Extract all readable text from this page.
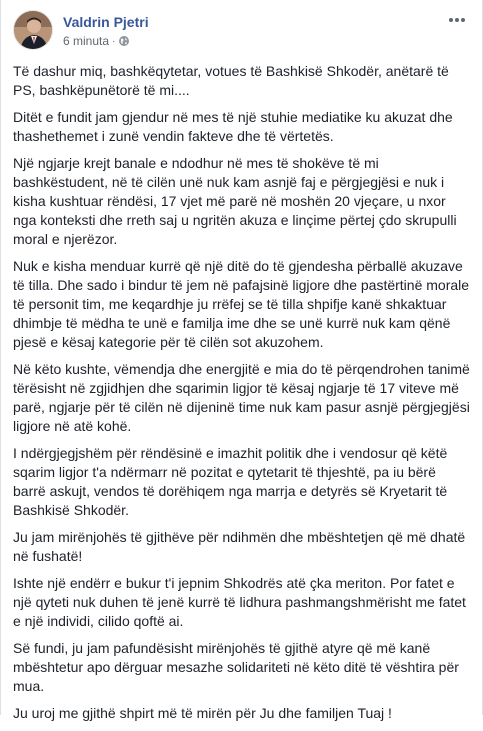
Valdrin Pjetri
6 minuta ·

Të dashur miq, bashkëqytetar, votues të Bashkisë Shkodër, anëtarë të PS, bashkëpunëtorë të mi....

Ditët e fundit jam gjendur në mes të një stuhie mediatike ku akuzat dhe thashethemet i zunë vendin fakteve dhe të vërtetës.

Një ngjarje krejt banale e ndodhur në mes të shokëve të mi bashkëstudent, në të cilën unë nuk kam asnjë faj e përgjegjësi e nuk i kisha kushtuar rëndësi, 17 vjet më parë në moshën 20 vjeçare, u nxor nga konteksti dhe rreth saj u ngritën akuza e linçime përtej çdo skrupulli moral e njerëzor.

Nuk e kisha menduar kurrë që një ditë do të gjendesha përballë akuzave të tilla. Dhe sado i bindur të jem në pafajsinë ligjore dhe pastërtinë morale të personit tim, me keqardhje ju rrëfej se të tilla shpifje kanë shkaktuar dhimbje të mëdha te unë e familja ime dhe se unë kurrë nuk kam qënë pjesë e kësaj kategorie për të cilën sot akuzohem.

Në këto kushte, vëmendja dhe energjitë e mia do të përqendrohen tanimë tërësisht në zgjidhjen dhe sqarimin ligjor të kësaj ngjarje të 17 viteve më parë, ngjarje për të cilën në dijeninë time nuk kam pasur asnjë përgjegjësi ligjore në atë kohë.

I ndërgjegjshëm për rëndësinë e imazhit politik dhe i vendosur që këtë sqarim ligjor t'a ndërmarr në pozitat e qytetarit të thjeshtë, pa iu bërë barrë askujt, vendos të dorëhiqem nga marrja e detyrës së Kryetarit të Bashkisë Shkodër.

Ju jam mirënjohës të gjithëve për ndihmën dhe mbështetjen që më dhatë në fushatë!

Ishte një endërr e bukur t'i jepnim Shkodrës atë çka meriton. Por fatet e një qyteti nuk duhen të jenë kurrë të lidhura pashmangshmërisht me fatet e një individi, cilido qoftë ai.

Së fundi, ju jam pafundësisht mirënjohës të gjithë atyre që më kanë mbështetur apo dërguar mesazhe solidariteti në këto ditë të vështira për mua.

Ju uroj me gjithë shpirt më të mirën për Ju dhe familjen Tuaj !
